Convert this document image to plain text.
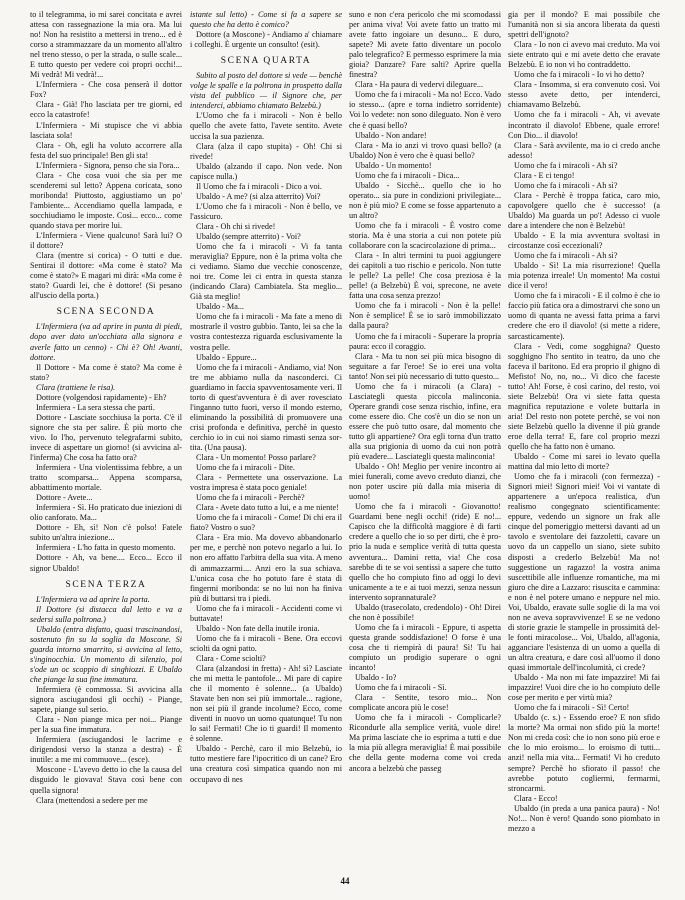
to il telegramma, io mi sarei concitata e avrei attesa con rassegnazione la mia ora. Ma lui no! Non ha resistito a mettersi in treno... ed è corso a strammazzare da un momento all'altro nel treno stesso, o per la strada, o sulle scale... E tutto questo per vedere coi propri occhi!... Mi vedrà! Mi vedrà!...

L'Infermiera - Che cosa penserà il dottor Fox?

Clara - Già! l'ho lasciata per tre giorni, ed ecco la catastrofe!

L'Infermiera - Mi stupisce che vi abbia lasciata sola!

Clara - Oh, egli ha voluto accorrere alla festa del suo principale! Ben gli sta!

L'Infermiera - Signora, penso che sia l'ora...

Clara - Che cosa vuoi che sia per me scenderemi sul letto? Appena coricata, sono moribonda! Piuttosto, aggiustiamo un po' l'ambiente... Accendiamo quella lampada, e socchiudiamo le imposte. Così... ecco... come quando stava per morire lui.

L'Infermiera - Viene qualcuno! Sarà lui? O il dottore?

Clara (mentre si corica) - O tutti e due. Sentirai il dottore: «Ma come è stato? Ma come è stato?» E magari mi dirà: «Ma come è stato? Guardi lei, che è dottore! (Si pesano all'uscio della porta.)

SCENA SECONDA

L'Infermiera (va ad aprire in punta di piedi, dopo aver dato un'occhiata alla signora e averle fatto un cenno) - Chi è? Oh! Avanti, dottore.

Il Dottore - Ma come è stato? Ma come è stato?

Clara (trattiene le risa).

Dottore (volgendosi rapidamente) - Eh?

Infermiera - La sera stessa che partì.

Dottore - Lasciate socchiusa la porta. C'è il signore che sta per salire. È più morto che vivo. Io l'ho, pervenuto telegrafarmi subito, invece di aspettare un giorno! (si avvicina all'inferma) Che cosa ha fatto ora?

Infermiera - Una violentissima febbre, a un tratto scomparsa... Appena scomparsa, abbattimento mortale.

Dottore - Avete...

Infermiera - Sì. Ho praticato due iniezioni di olio canforato. Ma...

Dottore - Eh, sì! Non c'è polso! Fatele subito un'altra iniezione...

Infermiera - L'ho fatta in questo momento.

Dottore - Ah, va bene.... Ecco... Ecco il signor Ubaldo!

SCENA TERZA

L'Infermiera va ad aprire la porta.

Il Dottore (si distacca dal letto e va a sedersi sulla poltrona.)

Ubaldo (entra disfatto, quasi trascinandosi, sostenuto fin su la soglia da Moscone. Si guarda intorno smarrito, si avvicina al letto, s'inginocchia. Un momento di silenzio, poi s'ode un oc scoppio di singhiozzi. E Ubaldo che piange la sua fine immatura.

Infermiera (è commossa. Si avvicina alla signora asciugandosi gli occhi) - Piange, sapete, piange sul serio.

Clara - Non piange mica per noi... Piange per la sua fine immatura.

Infermiera (asciugandosi le lacrime e dirigendosi verso la stanza a destra) - È inutile: a me mi commuove... (esce).

Moscone - L'avevo detto io che la causa del disguido le giovava! Stava così bene con quella signora!

Clara (mettendosi a sedere per me

istante sul letto) - Come si fa a sapere se questo che ha detto è comico?

Dottore (a Moscone) - Andiamo a' chiamare i colleghi. È urgente un consulto! (esit).

SCENA QUARTA

Subito al posto del dottore si vede — benchè volge le spalle e la poltrona in prospetto dalla vista del pubblico — il Signore che, per intenderci, abbiamo chiamato Belzebù.)

L'Uomo che fa i miracoli - Non è bello quello che avete fatto, l'avete sentito. Avete uccisa la sua pazienza.

Clara (alza il capo stupita) - Oh! Chi si rivede!

Ubaldo (alzando il capo. Non vede. Non capisce nulla.)

Il Uomo che fa i miracoli - Dico a voi.

Ubaldo - A me? (si alza atterrito) Voi?

L'Uomo che fa i miracoli - Non è bello, ve l'assicuro.

Clara - Oh chi si rivede!

Ubaldo (sempre atterrito) - Voi?

Uomo che fa i miracoli - Vi fa tanta meraviglia? Eppure, non è la prima volta che ci vediamo. Siamo due vecchie conoscenze, noi tre. Come lei ci entra in questa stanza (indicando Clara) Cambiatela. Sta meglio... Già sta meglio!

Ubaldo - Ma...

Uomo che fa i miracoli - Ma fate a meno di mostrarle il vostro gubbio. Tanto, lei sa che la vostra contestezza riguarda esclusivamente la vostra pelle.

Ubaldo - Eppure...

Uomo che fa i miracoli - Andiamo, via! Non tre me abbiamo nulla da nasconderci. Ci guardiamo in faccia spavventosamente veri. Il torto di quest'avventura è di aver rovesciato l'inganno tutto fuori, verso il mondo esterno, eliminando la possibilità di promuovere una crisi profonda e definitiva, perchè in questo cerchio io in cui noi siamo rimasti senza sortita. (Una pausa).

Clara - Un momento! Posso parlare?

Uomo che fa i miracoli - Dite.

Clara - Permettete una osservazione. La vostra impresa è stata poco geniale!

Uomo che fa i miracoli - Perchè?

Clara - Avete dato tutto a lui, e a me niente!

Uomo che fa i miracoli - Come! Di chi era il fiato? Vostro o suo?

Clara - Era mio. Ma dovevo abbandonarlo per me, e perchè non potevo negarlo a lui. Io non ero affatto l'arbitra della sua vita. A meno di ammazzarmi.... Anzi ero la sua schiava. L'unica cosa che ho potuto fare è stata di fingermi moribonda: se no lui non ha finiva più di buttarsi tra i piedi.

Uomo che fa i miracoli - Accidenti come vi buttavate!

Ubaldo - Non fate della inutile ironia.

Uomo che fa i miracoli - Bene. Ora eccovi sciolti da ogni patto.

Clara - Come sciolti?

Clara (alzandosi in fretta) - Ah! sì? Lasciate che mi metta le pantofole... Mi pare di capire che il momento è solenne... (a Ubaldo) Stavate ben non sei più immortale... ragione, non sei più il grande incolume? Ecco, come diventi in nuovo un uomo quatunque! Tu non lo sai! Fermati! Che io ti guardi! Il momento è solenne.

Ubaldo - Perchè, caro il mio Belzebù, io tutto mestiere fare l'ipocritico di un cane? Ero una creatura così simpatica quando non mi occupavo di nes

suno e non c'era pericolo che mi scomodassi per anima viva! Voi avete fatto un tratto mi avete fatto ingoiare un desuno... E duro, sapete? Mi avete fatto diventare un pocolo palo telegrafico? E permesso esprimere la mia gioia? Danzare? Fare salti? Aprire quella finestra?

Clara - Ha paura di vedervi dileguare...

Uomo che fa i miracoli - Ma no! Ecco. Vado io stesso... (apre e torna indietro sorridente) Voi lo vedete: non sono dileguato. Non è vero che è quasi bello?

Ubaldo - Non andare!

Clara - Ma io anzi vi trovo quasi bello? (a Ubaldo) Non è vero che è quasi bello?

Ubaldo - Un momento!

Uomo che fa i miracoli - Dica...

Ubaldo - Sicchè... quello che io ho operato... sia pure in condizioni privilegiate... non è più mio? E come se fosse appartenuto a un altro?

Uomo che fa i miracoli - È vostro come storia. Ma è una storia a cui non potete più collaborare con la scacircolazione di prima...

Clara - In altri termini tu puoi aggiungere dei capitoli a tuo rischio e pericolo. Non tutte le pelle? La pelle! Che cosa preziosa è la pelle! (a Belzebù) È voi, spreconе, ne avete fatta una cosa senza prezzo!

Uomo che fa i miracoli - Non è la pelle! Non è semplice! È se io sarò immobilizzato dalla paura?

Uomo che fa i miracoli - Superare la propria paura: ecco il coraggio.

Clara - Ma tu non sei più mica bisogno di seguitare a far l'eroe! Se io erei una volta tanto! Non sei più necessario di tutto questo...

Uomo che fa i miracoli (a Clara) - Lasciategli questa piccola malinconia. Operare grandi cose senza rischio, infine, era come essere dio. Che cos'è un dio se non un essere che può tutto osare, dal momento che tutto gli appartiene? Ora egli torna d'un tratto alla sua prigionia di uomo da cui non potrà più evadere... Lasciategli questa malinconia!

Ubaldo - Oh! Meglio per venire incontro ai miei funerali, come avevo creduto dianzi, che non poter uscire più dalla mia miseria di uomo!

Uomo che fa i miracoli - Giovanotto! Guardami bene negli occhi! (ride) E no!... Capisco che la difficoltà maggiore è di farti credere a quello che io so per dirti, che è proprio la nuda e semplice verità di tutta questa avventura... Damini retta, via! Che cosa sarebbe di te se voi sentissi a sapere che tutto quello che ho compiuto fino ad oggi lo devi unicamente a te e ai tuoi mezzi, senza nessun intervento soprannaturale?

Ubaldo (trasecolato, credendolo) - Oh! Direi che non è possibile!

Uomo che fa i miracoli - Eppure, ti aspetta questa grande soddisfazione! O forse è una cosa che ti riempirà di paura! Sì! Tu hai compiuto un prodigio superare o ogni incanto!

Ubaldo - Io?

Uomo che fa i miracoli - Sì.

Clara - Sentite, tesoro mio... Non complicate ancora più le cose!

Uomo che fa i miracoli - Complicarle? Ricondurle alla semplice verità, vuole dire! Ma prima lasciate che io esprima a tutti e due la mia più allegra meraviglia! È mai possibile che della gente moderna come voi creda ancora a belzebù che passeg

gia per il mondo? E mai possibile che l'umanità non si sia ancora liberata da questi spettri dell'ignoto?

Clara - Io non ci avevo mai creduto. Ma voi siete entrato qui e mi avete detto che eravate Belzebù. E io non vi ho contraddetto.

Uomo che fa i miracoli - Io vi ho detto?

Clara - Insomma, si era convenuto così. Voi stesso avete detto, per intenderci, chiamavamo Belzebù.

Uomo che fa i miracoli - Ah, vi avevate incontrato il diavolo! Ebbene, quale errore! Con Dio... il diavolo!

Clara - Sarà avvilente, ma io ci credo anche adesso!

Uomo che fa i miracoli - Ah sì?

Clara - E ci tengo!

Uomo che fa i miracoli - Ah sì?

Clara - Perchè è troppa fatica, caro mio, capovolgere quello che è successo! (a Ubaldo) Ma guarda un po'! Adesso ci vuole dare a intendere che non è Belzebù!

Ubaldo - E la mia avventura svoltasi in circostanze così eccezionali?

Uomo che fa i miracoli - Ah sì?

Ubaldo - Sì! La mia risurrezione! Quella mia potenza irreale! Un momento! Ma costui dice il vero!

Uomo che fa i miracoli - E il colmo è che io faccio più fatica ora a dimostrarvi che sono un uomo di quanta ne avessi fatta prima a farvi credere che ero il diavolo! (si mette a ridere, sarcasticamente).

Clara - Vedi, come sogghigna? Questo sogghigno l'ho sentito in teatro, da uno che faceva il baritono. Ed era proprio il ghigno di Mefisto! No, no, no... Vi dico che faceste tutto! Ah! Forse, è così carino, del resto, voi siete Belzebù! Ora vi siete fatta questa magnifica reputazione e volete buttarla in aria! Del resto non potete perchè, se voi non siete Belzebù quello la divenne il più grande eroe della terra! E, fare col proprio mezzi quello che ha fatto non è umano.

Ubaldo - Come mi sarei io levato quella mattina dal mio letto di morte?

Uomo che fa i miracoli (con fermezza) - Signori miei! Signori miei! Voi vi vantate di appartenere a un'epoca realistica, d'un realismo congegnato scientificamente: eppure, vedendo un signore un frak alle cinque del pomeriggio mettersi davanti ad un tavolo e sventolare dei fazzoletti, cavare un uovo da un cappello un siano, siete subito disposti a crederlo Belzebù! Ma no! suggestione un ragazzo! la vostra anima suscettibile alle influenze romantiche, ma mi giuro che dire a Lazzaro: risuscita e cammina: e non è nel potere umano e neppure nel mio. Voi, Ubaldo, eravate sulle soglie di la ma voi non ne aveva sopravvivenze! E se ne vedono di storie grazie le stampelle in prossimità delle fonti miracolose... Voi, Ubaldo, all'agonia, agganciare l'esistenza di un uomo a quella di un altra creatura, e dare così all'uomo il dono quasi immortale dell'incolumità, ci crede?

Ubaldo - Ma non mi fate impazzire! Mi fai impazzire! Vuoi dire che io ho compiuto delle cose per merito e per virtù mia?

Uomo che fa i miracoli - Sì! Certo!

Ubaldo (c. s.) - Essendo eroe? E non sfido la morte? Ma ormai non sfido più la morte! Non mi creda così: che io non sono più eroe e che lo mio eroismo... lo eroismo di tutti... anzi! nella mia vita... Fermati! Vi ho creduto sempre? Perchè ho sfiorato il passo! che avrebbe potuto cogliermi, fermarmi, stroncarmi.

Clara - Ecco!

Ubaldo (in preda a una panica paura) - No! No!... Non è vero! Quando sono piombato in mezzo a

44
